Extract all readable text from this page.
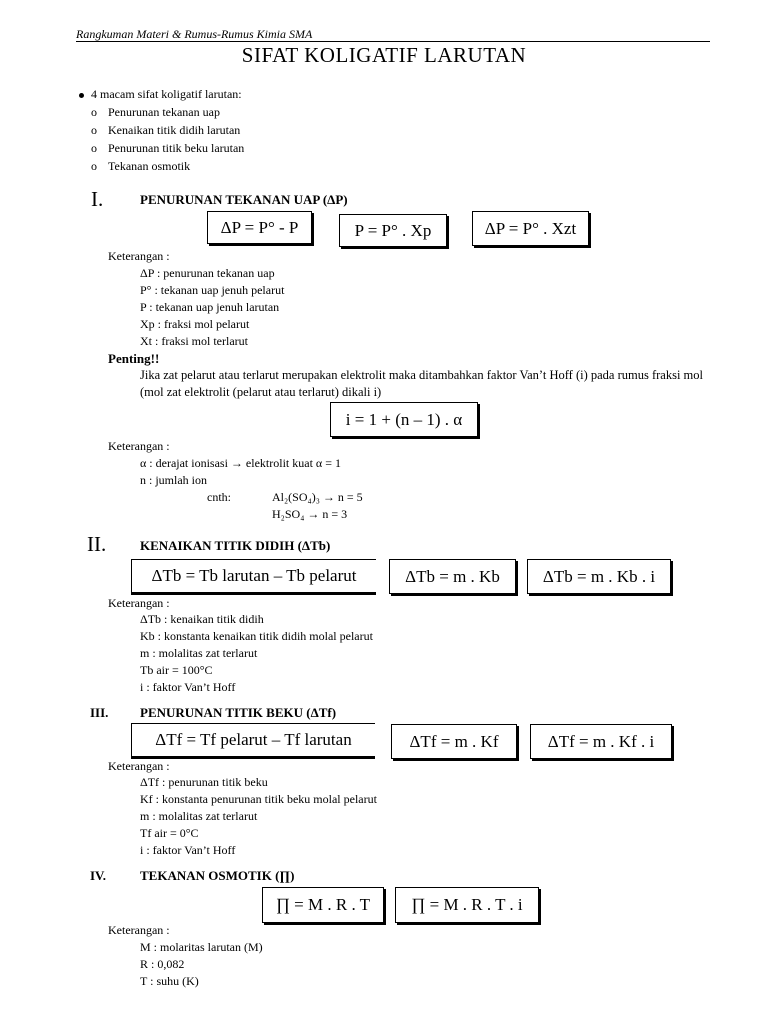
Rangkuman Materi & Rumus-Rumus Kimia SMA
SIFAT KOLIGATIF LARUTAN
4 macam sifat koligatif larutan:
o Penurunan tekanan uap
o Kenaikan titik didih larutan
o Penurunan titik beku larutan
o Tekanan osmotik
I.	PENURUNAN TEKANAN UAP (ΔP)
ΔP = P° - P	P = P° . Xp	ΔP = P° . Xzt
Keterangan :
ΔP : penurunan tekanan uap
P° : tekanan uap jenuh pelarut
P : tekanan uap jenuh larutan
Xp : fraksi mol pelarut
Xt : fraksi mol terlarut
Penting!!
Jika zat pelarut atau terlarut merupakan elektrolit maka ditambahkan faktor Van’t Hoff (i) pada rumus fraksi mol (mol zat elektrolit (pelarut atau terlarut) dikali i)
i = 1 + (n – 1) . α
Keterangan :
α : derajat ionisasi → elektrolit kuat α = 1
n : jumlah ion
cnth:	Al₂(SO₄)₃ → n = 5
H₂SO₄ → n = 3
II.	KENAIKAN TITIK DIDIH (ΔTb)
ΔTb = Tb larutan – Tb pelarut	ΔTb = m . Kb	ΔTb = m . Kb . i
Keterangan :
ΔTb : kenaikan titik didih
Kb : konstanta kenaikan titik didih molal pelarut
m : molalitas zat terlarut
Tb air = 100°C
i : faktor Van’t Hoff
III. PENURUNAN TITIK BEKU (ΔTf)
ΔTf = Tf pelarut – Tf larutan	ΔTf = m . Kf	ΔTf = m . Kf . i
Keterangan :
ΔTf : penurunan titik beku
Kf : konstanta penurunan titik beku molal pelarut
m : molalitas zat terlarut
Tf air = 0°C
i : faktor Van’t Hoff
IV.	TEKANAN OSMOTIK (∏)
∏ = M . R . T	∏ = M . R . T . i
Keterangan :
M : molaritas larutan (M)
R : 0,082
T : suhu (K)
